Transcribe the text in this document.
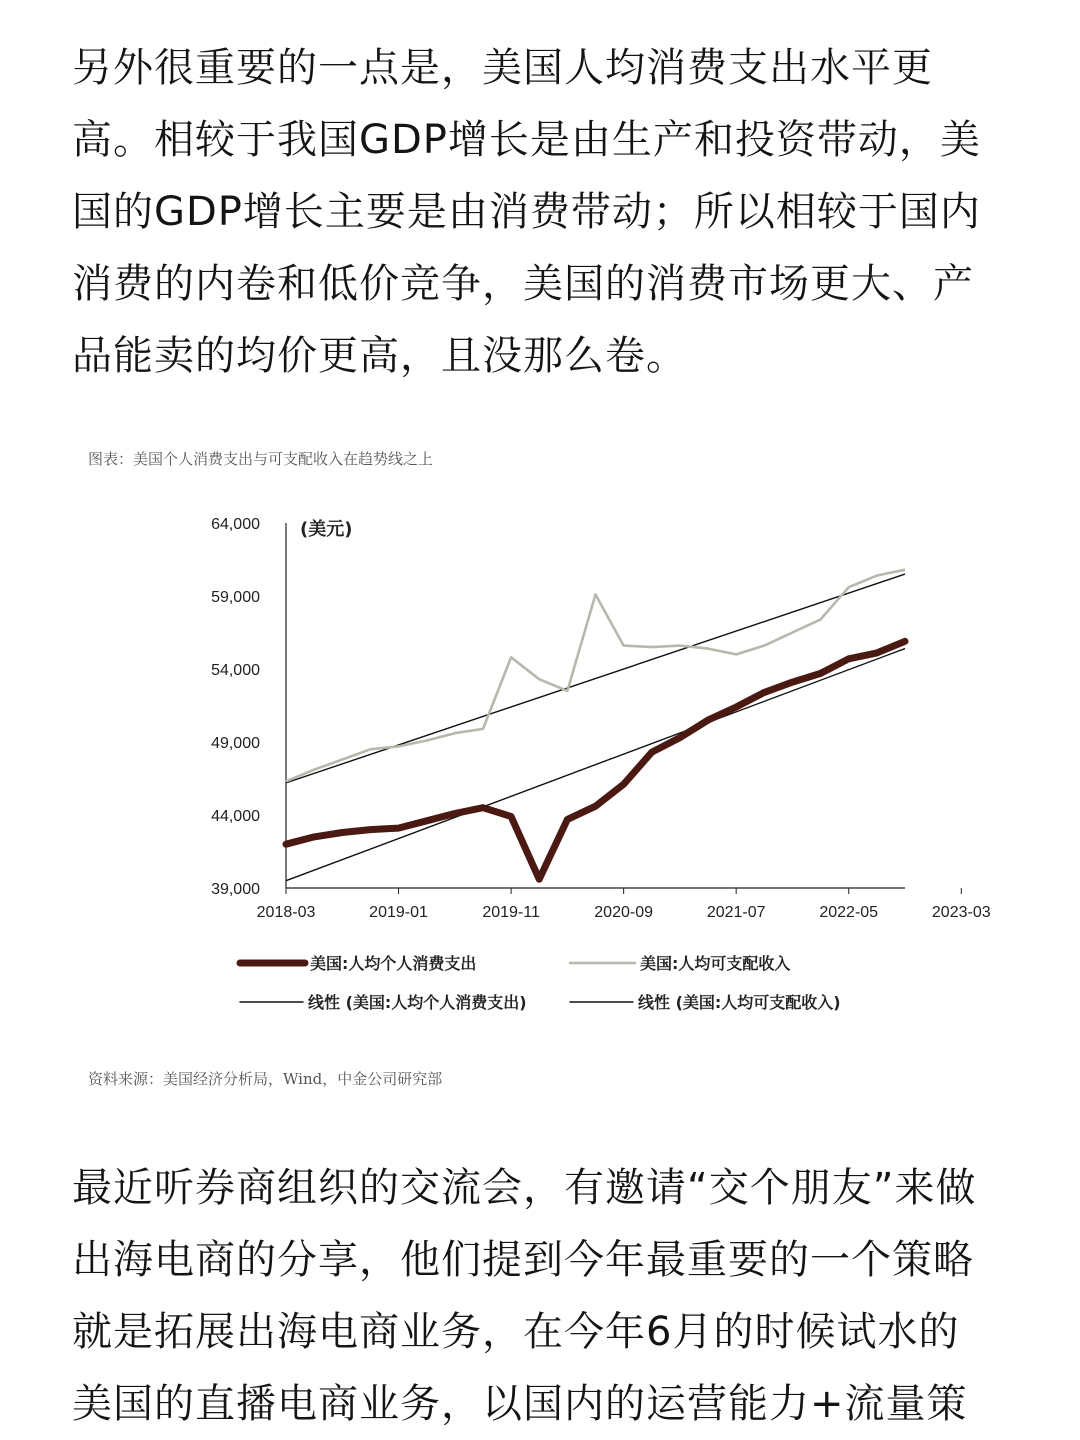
另外很重要的一点是，美国人均消费支出水平更
高。相较于我国GDP增长是由生产和投资带动，美
国的GDP增长主要是由消费带动；所以相较于国内
消费的内卷和低价竞争，美国的消费市场更大、产
品能卖的均价更高，且没那么卷。
图表：美国个人消费支出与可支配收入在趋势线之上
39,000
44,000
49,000
54,000
59,000
64,000
2018-03	2019-01	2019-11	2020-09	2021-07	2022-05	2023-03
(美元)
美国:人均个人消费支出	美国:人均可支配收入
线性 (美国:人均个人消费支出)	线性 (美国:人均可支配收入)
资料来源：美国经济分析局，Wind，中金公司研究部
最近听券商组织的交流会，有邀请“交个朋友”来做
出海电商的分享，他们提到今年最重要的一个策略
就是拓展出海电商业务，在今年6月的时候试水的
美国的直播电商业务，以国内的运营能力+流量策
